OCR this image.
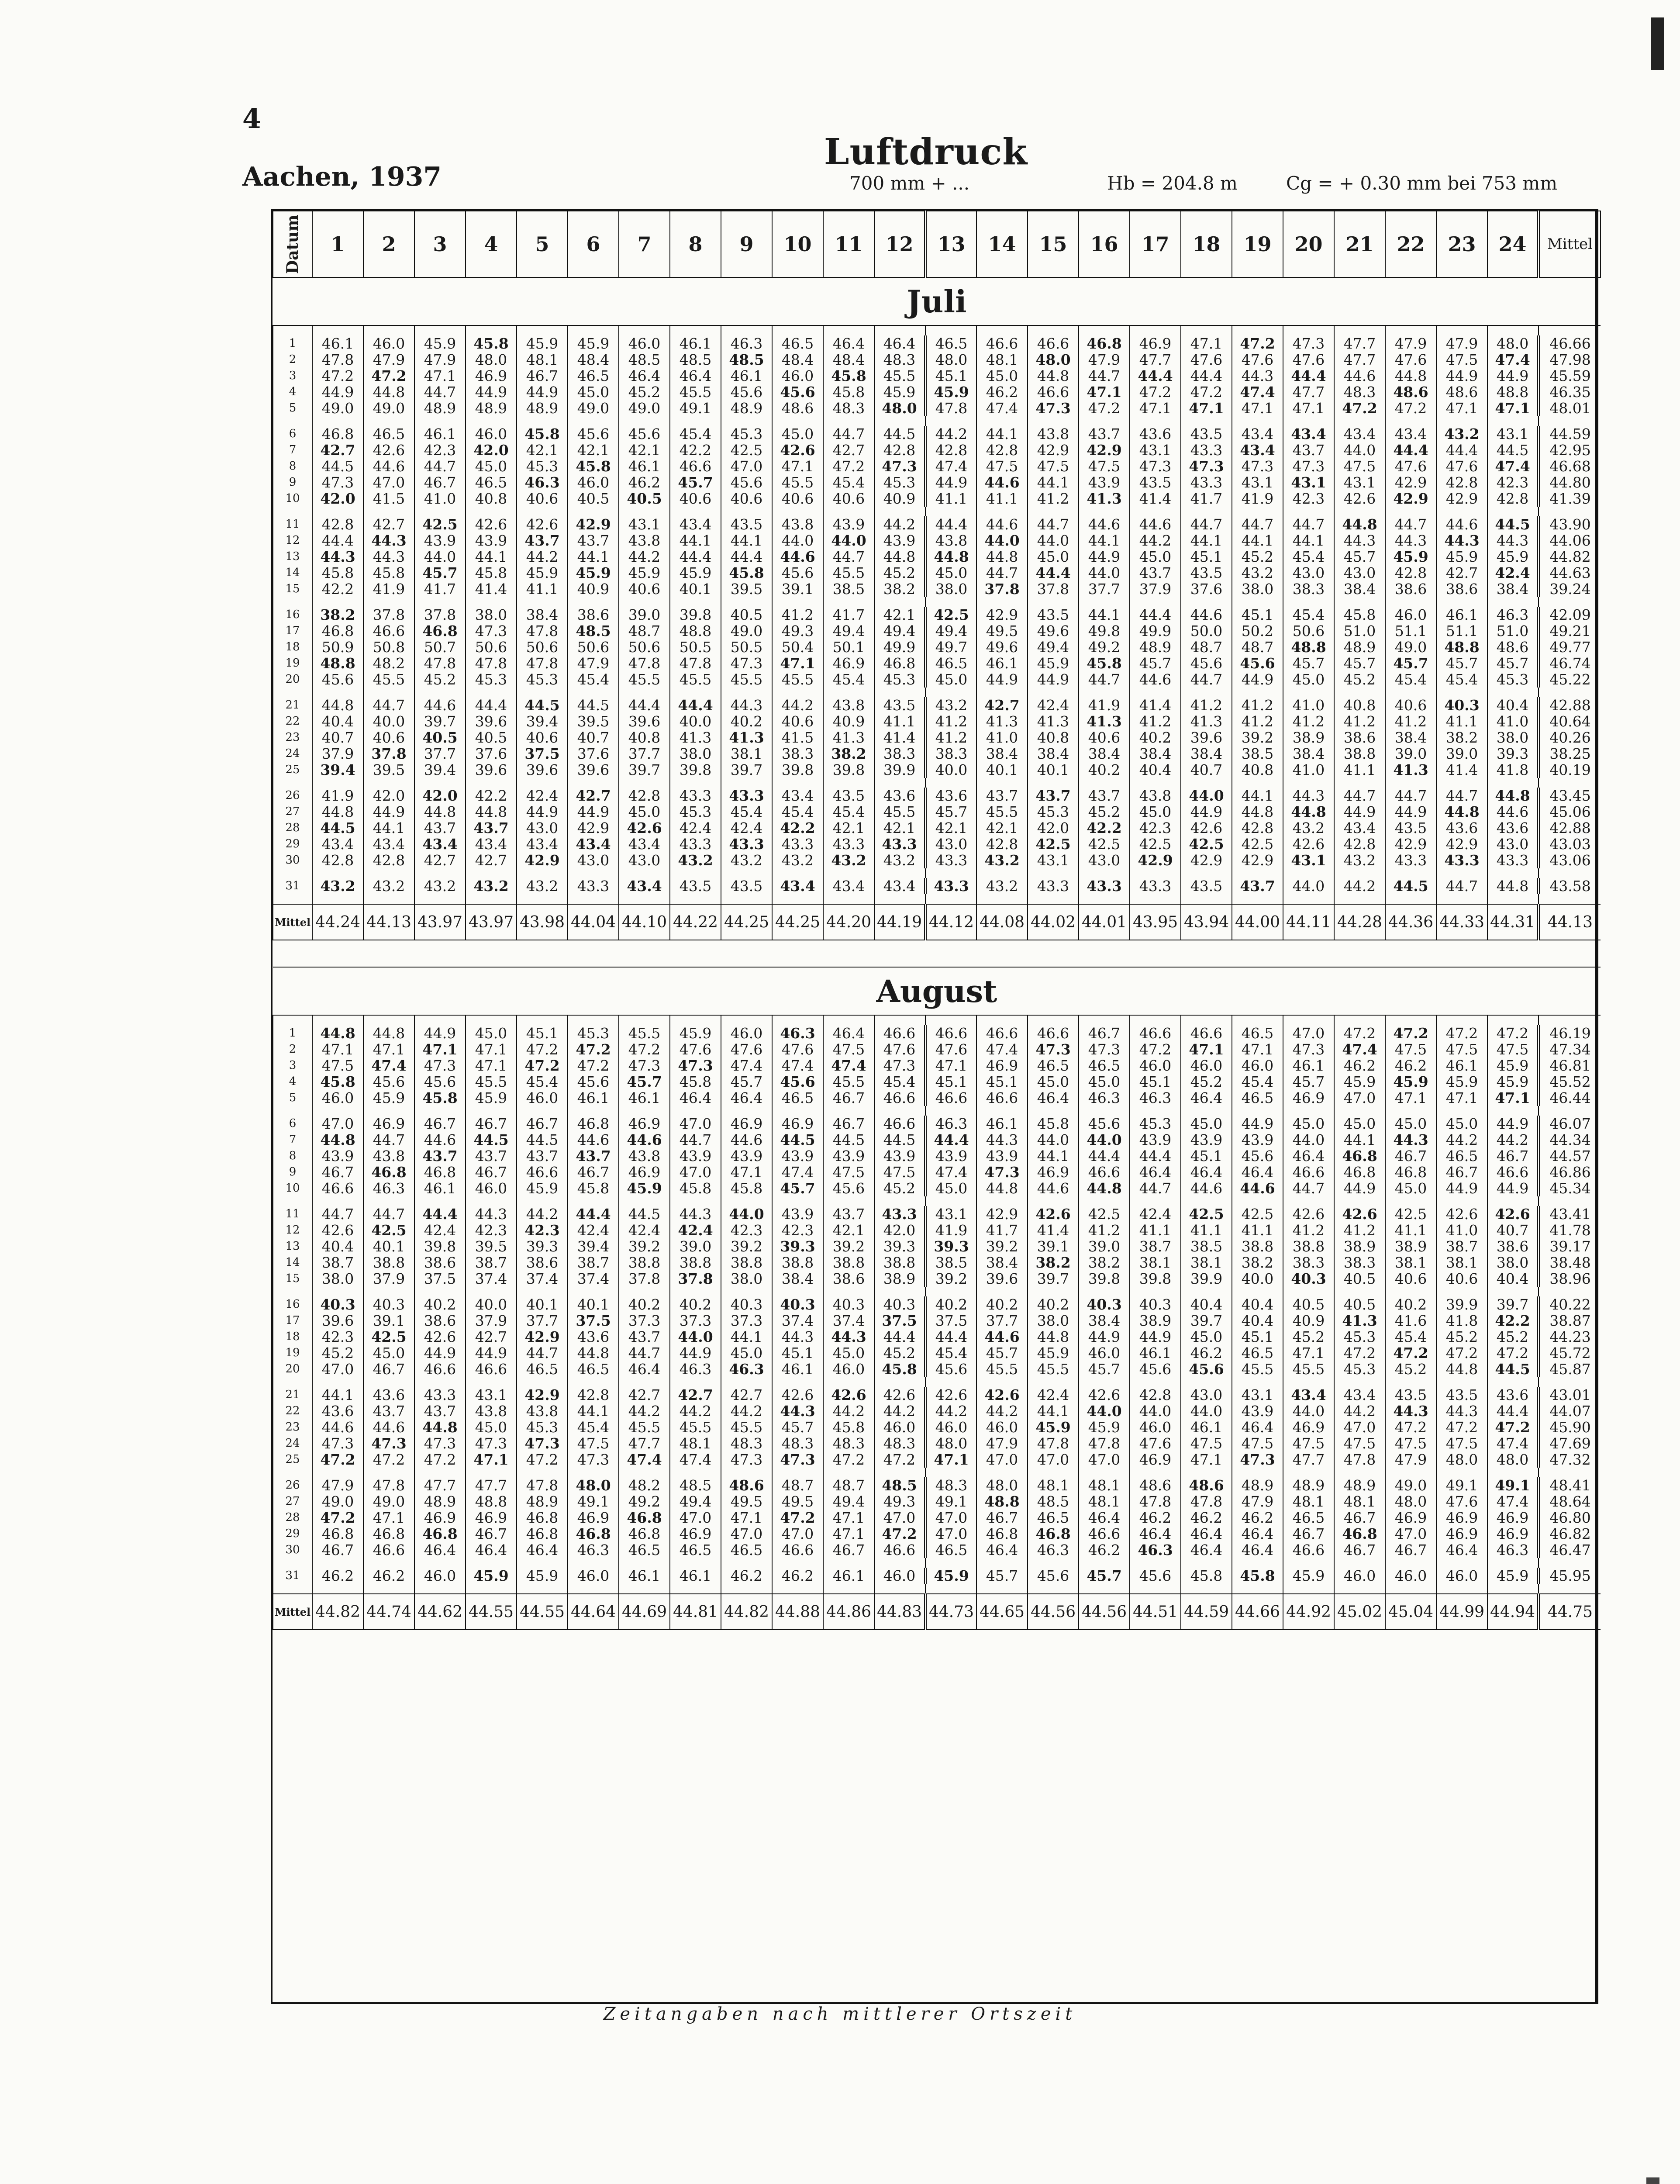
4
Luftdruck
Aachen, 1937	700 mm + ...	Hb = 204.8 m	Cg = + 0.30 mm bei 753 mm
Datum	1	2	3	4	5	6	7	8	9	10	11	12	13	14	15	16	17	18	19	20	21	22	23	24	Mittel
Juli																									

1	46.1	46.0	45.9	45.8	45.9	45.9	46.0	46.1	46.3	46.5	46.4	46.4	46.5	46.6	46.6	46.8	46.9	47.1	47.2	47.3	47.7	47.9	47.9	48.0	46.66
2	47.8	47.9	47.9	48.0	48.1	48.4	48.5	48.5	48.5	48.4	48.4	48.3	48.0	48.1	48.0	47.9	47.7	47.6	47.6	47.6	47.7	47.6	47.5	47.4	47.98
3	47.2	47.2	47.1	46.9	46.7	46.5	46.4	46.4	46.1	46.0	45.8	45.5	45.1	45.0	44.8	44.7	44.4	44.4	44.3	44.4	44.6	44.8	44.9	44.9	45.59
4	44.9	44.8	44.7	44.9	44.9	45.0	45.2	45.5	45.6	45.6	45.8	45.9	45.9	46.2	46.6	47.1	47.2	47.2	47.4	47.7	48.3	48.6	48.6	48.8	46.35
5	49.0	49.0	48.9	48.9	48.9	49.0	49.0	49.1	48.9	48.6	48.3	48.0	47.8	47.4	47.3	47.2	47.1	47.1	47.1	47.1	47.2	47.2	47.1	47.1	48.01

6	46.8	46.5	46.1	46.0	45.8	45.6	45.6	45.4	45.3	45.0	44.7	44.5	44.2	44.1	43.8	43.7	43.6	43.5	43.4	43.4	43.4	43.4	43.2	43.1	44.59
7	42.7	42.6	42.3	42.0	42.1	42.1	42.1	42.2	42.5	42.6	42.7	42.8	42.8	42.8	42.9	42.9	43.1	43.3	43.4	43.7	44.0	44.4	44.4	44.5	42.95
8	44.5	44.6	44.7	45.0	45.3	45.8	46.1	46.6	47.0	47.1	47.2	47.3	47.4	47.5	47.5	47.5	47.3	47.3	47.3	47.3	47.5	47.6	47.6	47.4	46.68
9	47.3	47.0	46.7	46.5	46.3	46.0	46.2	45.7	45.6	45.5	45.4	45.3	44.9	44.6	44.1	43.9	43.5	43.3	43.1	43.1	43.1	42.9	42.8	42.3	44.80
10	42.0	41.5	41.0	40.8	40.6	40.5	40.5	40.6	40.6	40.6	40.6	40.9	41.1	41.1	41.2	41.3	41.4	41.7	41.9	42.3	42.6	42.9	42.9	42.8	41.39

11	42.8	42.7	42.5	42.6	42.6	42.9	43.1	43.4	43.5	43.8	43.9	44.2	44.4	44.6	44.7	44.6	44.6	44.7	44.7	44.7	44.8	44.7	44.6	44.5	43.90
12	44.4	44.3	43.9	43.9	43.7	43.7	43.8	44.1	44.1	44.0	44.0	43.9	43.8	44.0	44.0	44.1	44.2	44.1	44.1	44.1	44.3	44.3	44.3	44.3	44.06
13	44.3	44.3	44.0	44.1	44.2	44.1	44.2	44.4	44.4	44.6	44.7	44.8	44.8	44.8	45.0	44.9	45.0	45.1	45.2	45.4	45.7	45.9	45.9	45.9	44.82
14	45.8	45.8	45.7	45.8	45.9	45.9	45.9	45.9	45.8	45.6	45.5	45.2	45.0	44.7	44.4	44.0	43.7	43.5	43.2	43.0	43.0	42.8	42.7	42.4	44.63
15	42.2	41.9	41.7	41.4	41.1	40.9	40.6	40.1	39.5	39.1	38.5	38.2	38.0	37.8	37.8	37.7	37.9	37.6	38.0	38.3	38.4	38.6	38.6	38.4	39.24

16	38.2	37.8	37.8	38.0	38.4	38.6	39.0	39.8	40.5	41.2	41.7	42.1	42.5	42.9	43.5	44.1	44.4	44.6	45.1	45.4	45.8	46.0	46.1	46.3	42.09
17	46.8	46.6	46.8	47.3	47.8	48.5	48.7	48.8	49.0	49.3	49.4	49.4	49.4	49.5	49.6	49.8	49.9	50.0	50.2	50.6	51.0	51.1	51.1	51.0	49.21
18	50.9	50.8	50.7	50.6	50.6	50.6	50.6	50.5	50.5	50.4	50.1	49.9	49.7	49.6	49.4	49.2	48.9	48.7	48.7	48.8	48.9	49.0	48.8	48.6	49.77
19	48.8	48.2	47.8	47.8	47.8	47.9	47.8	47.8	47.3	47.1	46.9	46.8	46.5	46.1	45.9	45.8	45.7	45.6	45.6	45.7	45.7	45.7	45.7	45.7	46.74
20	45.6	45.5	45.2	45.3	45.3	45.4	45.5	45.5	45.5	45.5	45.4	45.3	45.0	44.9	44.9	44.7	44.6	44.7	44.9	45.0	45.2	45.4	45.4	45.3	45.22

21	44.8	44.7	44.6	44.4	44.5	44.5	44.4	44.4	44.3	44.2	43.8	43.5	43.2	42.7	42.4	41.9	41.4	41.2	41.2	41.0	40.8	40.6	40.3	40.4	42.88
22	40.4	40.0	39.7	39.6	39.4	39.5	39.6	40.0	40.2	40.6	40.9	41.1	41.2	41.3	41.3	41.3	41.2	41.3	41.2	41.2	41.2	41.2	41.1	41.0	40.64
23	40.7	40.6	40.5	40.5	40.6	40.7	40.8	41.3	41.3	41.5	41.3	41.4	41.2	41.0	40.8	40.6	40.2	39.6	39.2	38.9	38.6	38.4	38.2	38.0	40.26
24	37.9	37.8	37.7	37.6	37.5	37.6	37.7	38.0	38.1	38.3	38.2	38.3	38.3	38.4	38.4	38.4	38.4	38.4	38.5	38.4	38.8	39.0	39.0	39.3	38.25
25	39.4	39.5	39.4	39.6	39.6	39.6	39.7	39.8	39.7	39.8	39.8	39.9	40.0	40.1	40.1	40.2	40.4	40.7	40.8	41.0	41.1	41.3	41.4	41.8	40.19

26	41.9	42.0	42.0	42.2	42.4	42.7	42.8	43.3	43.3	43.4	43.5	43.6	43.6	43.7	43.7	43.7	43.8	44.0	44.1	44.3	44.7	44.7	44.7	44.8	43.45
27	44.8	44.9	44.8	44.8	44.9	44.9	45.0	45.3	45.4	45.4	45.4	45.5	45.7	45.5	45.3	45.2	45.0	44.9	44.8	44.8	44.9	44.9	44.8	44.6	45.06
28	44.5	44.1	43.7	43.7	43.0	42.9	42.6	42.4	42.4	42.2	42.1	42.1	42.1	42.1	42.0	42.2	42.3	42.6	42.8	43.2	43.4	43.5	43.6	43.6	42.88
29	43.4	43.4	43.4	43.4	43.4	43.4	43.4	43.3	43.3	43.3	43.3	43.3	43.0	42.8	42.5	42.5	42.5	42.5	42.5	42.6	42.8	42.9	42.9	43.0	43.03
30	42.8	42.8	42.7	42.7	42.9	43.0	43.0	43.2	43.2	43.2	43.2	43.2	43.3	43.2	43.1	43.0	42.9	42.9	42.9	43.1	43.2	43.3	43.3	43.3	43.06

31	43.2	43.2	43.2	43.2	43.2	43.3	43.4	43.5	43.5	43.4	43.4	43.4	43.3	43.2	43.3	43.3	43.3	43.5	43.7	44.0	44.2	44.5	44.7	44.8	43.58

Mittel	44.24	44.13	43.97	43.97	43.98	44.04	44.10	44.22	44.25	44.25	44.20	44.19	44.12	44.08	44.02	44.01	43.95	43.94	44.00	44.11	44.28	44.36	44.33	44.31	44.13

August																									

1	44.8	44.8	44.9	45.0	45.1	45.3	45.5	45.9	46.0	46.3	46.4	46.6	46.6	46.6	46.6	46.7	46.6	46.6	46.5	47.0	47.2	47.2	47.2	47.2	46.19
2	47.1	47.1	47.1	47.1	47.2	47.2	47.2	47.6	47.6	47.6	47.5	47.6	47.6	47.4	47.3	47.3	47.2	47.1	47.1	47.3	47.4	47.5	47.5	47.5	47.34
3	47.5	47.4	47.3	47.1	47.2	47.2	47.3	47.3	47.4	47.4	47.4	47.3	47.1	46.9	46.5	46.5	46.0	46.0	46.0	46.1	46.2	46.2	46.1	45.9	46.81
4	45.8	45.6	45.6	45.5	45.4	45.6	45.7	45.8	45.7	45.6	45.5	45.4	45.1	45.1	45.0	45.0	45.1	45.2	45.4	45.7	45.9	45.9	45.9	45.9	45.52
5	46.0	45.9	45.8	45.9	46.0	46.1	46.1	46.4	46.4	46.5	46.7	46.6	46.6	46.6	46.4	46.3	46.3	46.4	46.5	46.9	47.0	47.1	47.1	47.1	46.44

6	47.0	46.9	46.7	46.7	46.7	46.8	46.9	47.0	46.9	46.9	46.7	46.6	46.3	46.1	45.8	45.6	45.3	45.0	44.9	45.0	45.0	45.0	45.0	44.9	46.07
7	44.8	44.7	44.6	44.5	44.5	44.6	44.6	44.7	44.6	44.5	44.5	44.5	44.4	44.3	44.0	44.0	43.9	43.9	43.9	44.0	44.1	44.3	44.2	44.2	44.34
8	43.9	43.8	43.7	43.7	43.7	43.7	43.8	43.9	43.9	43.9	43.9	43.9	43.9	43.9	44.1	44.4	44.4	45.1	45.6	46.4	46.8	46.7	46.5	46.7	44.57
9	46.7	46.8	46.8	46.7	46.6	46.7	46.9	47.0	47.1	47.4	47.5	47.5	47.4	47.3	46.9	46.6	46.4	46.4	46.4	46.6	46.8	46.8	46.7	46.6	46.86
10	46.6	46.3	46.1	46.0	45.9	45.8	45.9	45.8	45.8	45.7	45.6	45.2	45.0	44.8	44.6	44.8	44.7	44.6	44.6	44.7	44.9	45.0	44.9	44.9	45.34

11	44.7	44.7	44.4	44.3	44.2	44.4	44.5	44.3	44.0	43.9	43.7	43.3	43.1	42.9	42.6	42.5	42.4	42.5	42.5	42.6	42.6	42.5	42.6	42.6	43.41
12	42.6	42.5	42.4	42.3	42.3	42.4	42.4	42.4	42.3	42.3	42.1	42.0	41.9	41.7	41.4	41.2	41.1	41.1	41.1	41.2	41.2	41.1	41.0	40.7	41.78
13	40.4	40.1	39.8	39.5	39.3	39.4	39.2	39.0	39.2	39.3	39.2	39.3	39.3	39.2	39.1	39.0	38.7	38.5	38.8	38.8	38.9	38.9	38.7	38.6	39.17
14	38.7	38.8	38.6	38.7	38.6	38.7	38.8	38.8	38.8	38.8	38.8	38.8	38.5	38.4	38.2	38.2	38.1	38.1	38.2	38.3	38.3	38.1	38.1	38.0	38.48
15	38.0	37.9	37.5	37.4	37.4	37.4	37.8	37.8	38.0	38.4	38.6	38.9	39.2	39.6	39.7	39.8	39.8	39.9	40.0	40.3	40.5	40.6	40.6	40.4	38.96

16	40.3	40.3	40.2	40.0	40.1	40.1	40.2	40.2	40.3	40.3	40.3	40.3	40.2	40.2	40.2	40.3	40.3	40.4	40.4	40.5	40.5	40.2	39.9	39.7	40.22
17	39.6	39.1	38.6	37.9	37.7	37.5	37.3	37.3	37.3	37.4	37.4	37.5	37.5	37.7	38.0	38.4	38.9	39.7	40.4	40.9	41.3	41.6	41.8	42.2	38.87
18	42.3	42.5	42.6	42.7	42.9	43.6	43.7	44.0	44.1	44.3	44.3	44.4	44.4	44.6	44.8	44.9	44.9	45.0	45.1	45.2	45.3	45.4	45.2	45.2	44.23
19	45.2	45.0	44.9	44.9	44.7	44.8	44.7	44.9	45.0	45.1	45.0	45.2	45.4	45.7	45.9	46.0	46.1	46.2	46.5	47.1	47.2	47.2	47.2	47.2	45.72
20	47.0	46.7	46.6	46.6	46.5	46.5	46.4	46.3	46.3	46.1	46.0	45.8	45.6	45.5	45.5	45.7	45.6	45.6	45.5	45.5	45.3	45.2	44.8	44.5	45.87

21	44.1	43.6	43.3	43.1	42.9	42.8	42.7	42.7	42.7	42.6	42.6	42.6	42.6	42.6	42.4	42.6	42.8	43.0	43.1	43.4	43.4	43.5	43.5	43.6	43.01
22	43.6	43.7	43.7	43.8	43.8	44.1	44.2	44.2	44.2	44.3	44.2	44.2	44.2	44.2	44.1	44.0	44.0	44.0	43.9	44.0	44.2	44.3	44.3	44.4	44.07
23	44.6	44.6	44.8	45.0	45.3	45.4	45.5	45.5	45.5	45.7	45.8	46.0	46.0	46.0	45.9	45.9	46.0	46.1	46.4	46.9	47.0	47.2	47.2	47.2	45.90
24	47.3	47.3	47.3	47.3	47.3	47.5	47.7	48.1	48.3	48.3	48.3	48.3	48.0	47.9	47.8	47.8	47.6	47.5	47.5	47.5	47.5	47.5	47.5	47.4	47.69
25	47.2	47.2	47.2	47.1	47.2	47.3	47.4	47.4	47.3	47.3	47.2	47.2	47.1	47.0	47.0	47.0	46.9	47.1	47.3	47.7	47.8	47.9	48.0	48.0	47.32

26	47.9	47.8	47.7	47.7	47.8	48.0	48.2	48.5	48.6	48.7	48.7	48.5	48.3	48.0	48.1	48.1	48.6	48.6	48.9	48.9	48.9	49.0	49.1	49.1	48.41
27	49.0	49.0	48.9	48.8	48.9	49.1	49.2	49.4	49.5	49.5	49.4	49.3	49.1	48.8	48.5	48.1	47.8	47.8	47.9	48.1	48.1	48.0	47.6	47.4	48.64
28	47.2	47.1	46.9	46.9	46.8	46.9	46.8	47.0	47.1	47.2	47.1	47.0	47.0	46.7	46.5	46.4	46.2	46.2	46.2	46.5	46.7	46.9	46.9	46.9	46.80
29	46.8	46.8	46.8	46.7	46.8	46.8	46.8	46.9	47.0	47.0	47.1	47.2	47.0	46.8	46.8	46.6	46.4	46.4	46.4	46.7	46.8	47.0	46.9	46.9	46.82
30	46.7	46.6	46.4	46.4	46.4	46.3	46.5	46.5	46.5	46.6	46.7	46.6	46.5	46.4	46.3	46.2	46.3	46.4	46.4	46.6	46.7	46.7	46.4	46.3	46.47

31	46.2	46.2	46.0	45.9	45.9	46.0	46.1	46.1	46.2	46.2	46.1	46.0	45.9	45.7	45.6	45.7	45.6	45.8	45.8	45.9	46.0	46.0	46.0	45.9	45.95

Mittel	44.82	44.74	44.62	44.55	44.55	44.64	44.69	44.81	44.82	44.88	44.86	44.83	44.73	44.65	44.56	44.56	44.51	44.59	44.66	44.92	45.02	45.04	44.99	44.94	44.75
Zeitangaben nach mittlerer Ortszeit
